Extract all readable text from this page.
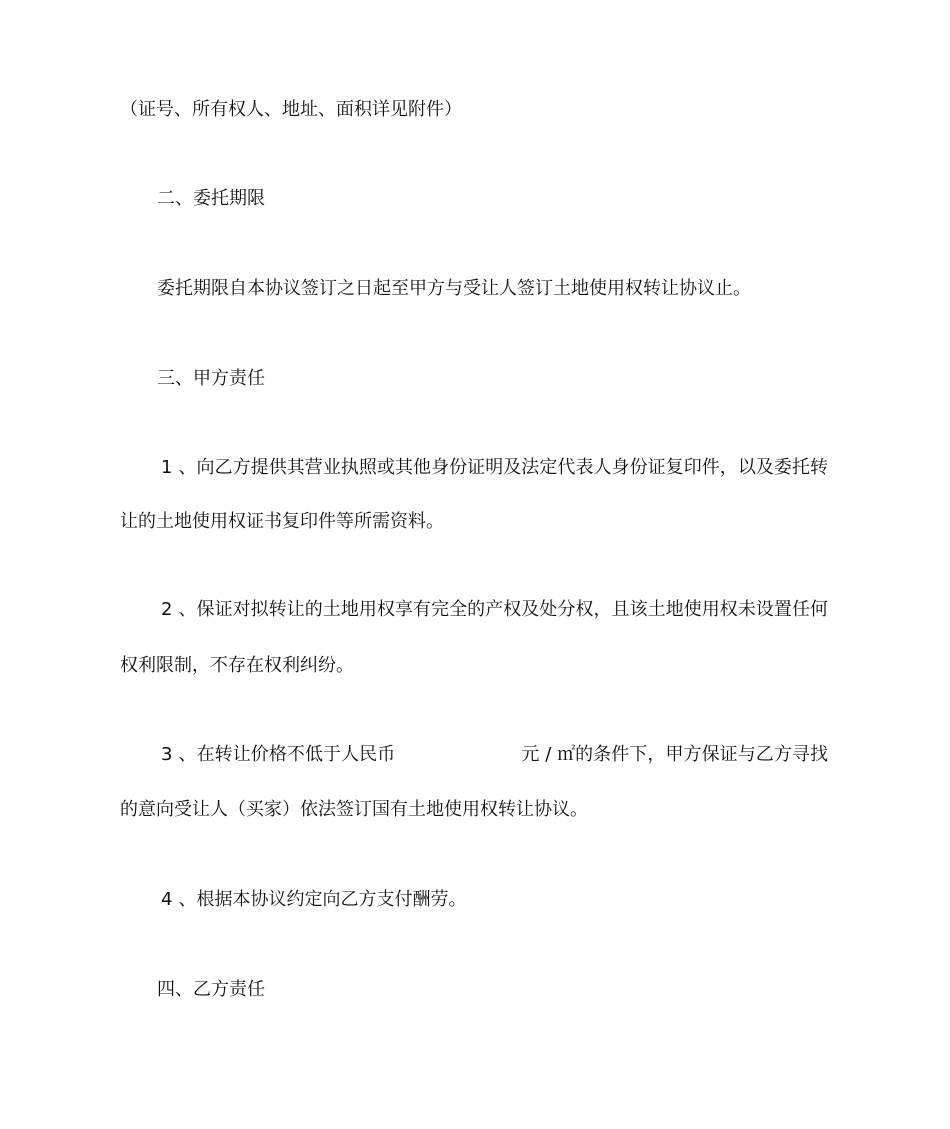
（证号、所有权人、地址、面积详见附件）
二、委托期限
委托期限自本协议签订之日起至甲方与受让人签订土地使用权转让协议止。
三、甲方责任
1 、向乙方提供其营业执照或其他身份证明及法定代表人身份证复印件，以及委托转
让的土地使用权证书复印件等所需资料。
2 、保证对拟转让的土地用权享有完全的产权及处分权，且该土地使用权未设置任何
权利限制，不存在权利纠纷。
3 、在转让价格不低于人民币	元 / ㎡的条件下，甲方保证与乙方寻找
的意向受让人（买家）依法签订国有土地使用权转让协议。
4 、根据本协议约定向乙方支付酬劳。
四、乙方责任
